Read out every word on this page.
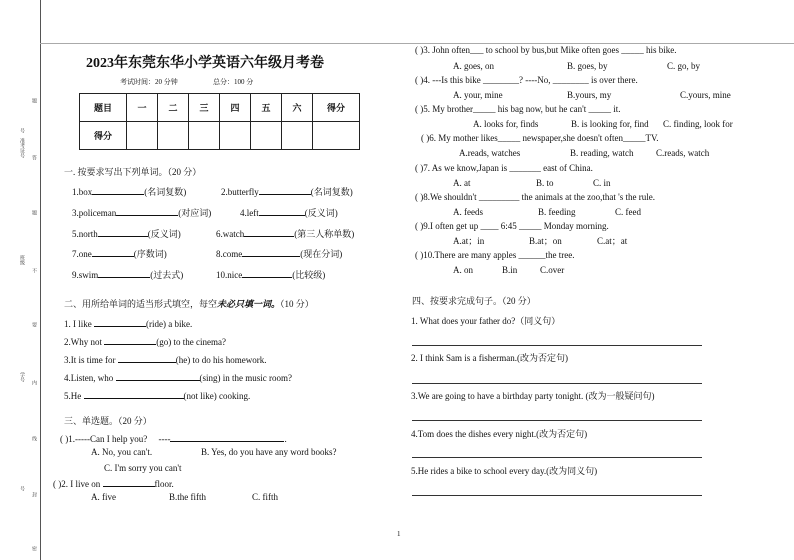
题
号
准考证号 答
题
班级
不
要
学号
内
线
号
封
密
2023年东莞东华小学英语六年级月考卷
考试时间：20 分钟	总分：100 分
题目	一	二	三	四	五	六	得分
得分							
一. 按要求写出下列单词。（20 分）
1.box	(名词复数)	2.butterfly	(名词复数)
3.policeman	(对应词)	4.left	(反义词)
5.north	(反义词)	6.watch	(第三人称单数)
7.one	(序数词)	8.come	(现在分词)
9.swim	(过去式)	10.nice	(比较级)
二、用所给单词的适当形式填空，每空未必只填一词。（10 分）
1. I like	(ride) a bike.
2.Why not	(go) to the cinema?
3.It is time for	(he) to do his homework.
4.Listen, who	(sing) in the music room?
5.He	(not like) cooking.
三、单选题。（20 分）
( )1.-----Can I help you? ----	.
A. No, you can't.	B. Yes, do you have any word books?
C. I'm sorry you can't
( )2. I live on	floor.
A. five	B.the fifth	C. fifth
( )3. John often___ to school by bus,but Mike often goes _____ his bike.
A. goes, on	B. goes, by	C. go, by
( )4. ---Is this bike ________? ----No, ________ is over there.
A. your, mine	B.yours, my	C.yours, mine
( )5. My brother_____ his bag now, but he can't _____ it.
A. looks for, finds	B. is looking for, find C. finding, look for
( )6. My mother likes_____ newspaper,she doesn't often_____TV.
A.reads, watches	B. reading, watch	C.reads, watch
( )7. As we know,Japan is _______ east of China.
A. at	B. to	C. in
( )8.We shouldn't _________ the animals at the zoo,that 's the rule.
A. feeds	B. feeding	C. feed
( )9.I often get up ____ 6:45 _____ Monday morning.
A.at；in	B.at；on	C.at；at
( )10.There are many apples ______the tree.
A. on	B.in	C.over
四、按要求完成句子。（20 分）
1. What does your father do?（同义句）
2. I think Sam is a fisherman.(改为否定句)
3.We are going to have a birthday party tonight. (改为一般疑问句)
4.Tom does the dishes every night.(改为否定句)
5.He rides a bike to school every day.(改为同义句)
1
